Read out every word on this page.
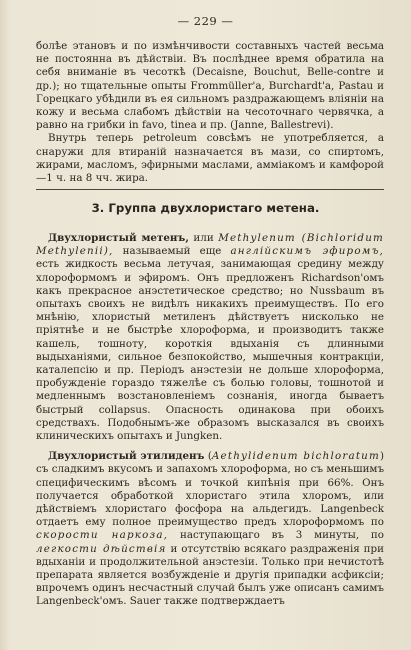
— 229 —

болѣе этановъ и по измѣнчивости составныхъ частей весьма не постоянна въ дѣйствіи. Въ послѣднее время обратила на себя вниманіе въ чесоткѣ (Decaisne, Bouchut, Belle-contre и др.); но тщательные опыты Frommüller'а, Burchardt'а, Pastau и Горецкаго убѣдили въ ея сильномъ раздражающемъ вліяніи на кожу и весьма слабомъ дѣйствіи на чесоточнаго червячка, а равно на грибки in favo, tinea и пр. (Janne, Ballestrevi).

Внутрь теперь petroleum совсѣмъ не употребляется, а снаружи для втираній назначается въ мази, со спиртомъ, жирами, масломъ, эфирными маслами, амміакомъ и камфорой —1 ч. на 8 чч. жира.

3. Группа двухлористаго метена.

Двухлористый метенъ, или Methylenum (Bichloridum Methylenii), называемый еще англійскимъ эфиромъ, есть жидкость весьма летучая, занимающая средину между хлороформомъ и эфиромъ. Онъ предложенъ Richardson'омъ какъ прекрасное анэстетическое средство; но Nussbaum въ опытахъ своихъ не видѣлъ никакихъ преимуществъ. По его мнѣнію, хлористый метиленъ дѣйствуетъ нисколько не пріятнѣе и не быстрѣе хлороформа, и производитъ также кашель, тошноту, короткія вдыханія съ длинными выдыханіями, сильное безпокойство, мышечныя контракціи, каталепсію и пр. Періодъ анэстезіи не дольше хлороформа, пробужденіе гораздо тяжелѣе съ болью головы, тошнотой и медленнымъ возстановленіемъ сознанія, иногда бываетъ быстрый collapsus. Опасность одинакова при обоихъ средствахъ. Подобнымъ-же образомъ высказался въ своихъ клиническихъ опытахъ и Jungken.

Двухлористый этилиденъ (Aethylidenum bichloratum) съ сладкимъ вкусомъ и запахомъ хлороформа, но съ меньшимъ специфическимъ вѣсомъ и точкой кипѣнія при 66%. Онъ получается обработкой хлористаго этила хлоромъ, или дѣйствіемъ хлористаго фосфора на альдегидъ. Langenbeck отдаетъ ему полное преимущество предъ хлороформомъ по скорости наркоза, наступающаго въ 3 минуты, по легкости дѣйствія и отсутствію всякаго раздраженія при вдыханіи и продолжительной анэстезіи. Только при нечистотѣ препарата является возбужденіе и другія припадки асфиксіи; впрочемъ одинъ несчастный случай былъ уже описанъ самимъ Langenbeck'омъ. Sauer также подтверждаетъ
